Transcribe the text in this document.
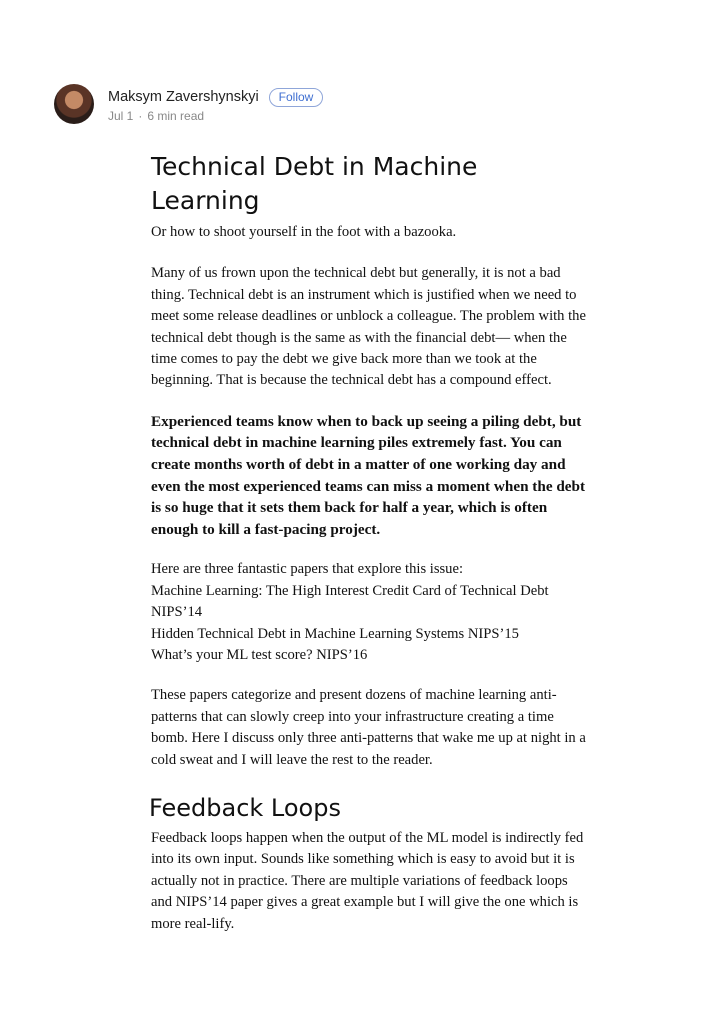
Maksym Zavershynskyi	Follow
Jul 1 · 6 min read
Technical Debt in Machine Learning

Or how to shoot yourself in the foot with a bazooka.

Many of us frown upon the technical debt but generally, it is not a bad thing. Technical debt is an instrument which is justified when we need to meet some release deadlines or unblock a colleague. The problem with the technical debt though is the same as with the financial debt— when the time comes to pay the debt we give back more than we took at the beginning. That is because the technical debt has a compound effect.

Experienced teams know when to back up seeing a piling debt, but technical debt in machine learning piles extremely fast. You can create months worth of debt in a matter of one working day and even the most experienced teams can miss a moment when the debt is so huge that it sets them back for half a year, which is often enough to kill a fast-pacing project.

Here are three fantastic papers that explore this issue:

Machine Learning: The High Interest Credit Card of Technical Debt NIPS’14

Hidden Technical Debt in Machine Learning Systems NIPS’15

What’s your ML test score? NIPS’16

These papers categorize and present dozens of machine learning anti-patterns that can slowly creep into your infrastructure creating a time bomb. Here I discuss only three anti-patterns that wake me up at night in a cold sweat and I will leave the rest to the reader.

Feedback Loops

Feedback loops happen when the output of the ML model is indirectly fed into its own input. Sounds like something which is easy to avoid but it is actually not in practice. There are multiple variations of feedback loops and NIPS’14 paper gives a great example but I will give the one which is more real-lify.
